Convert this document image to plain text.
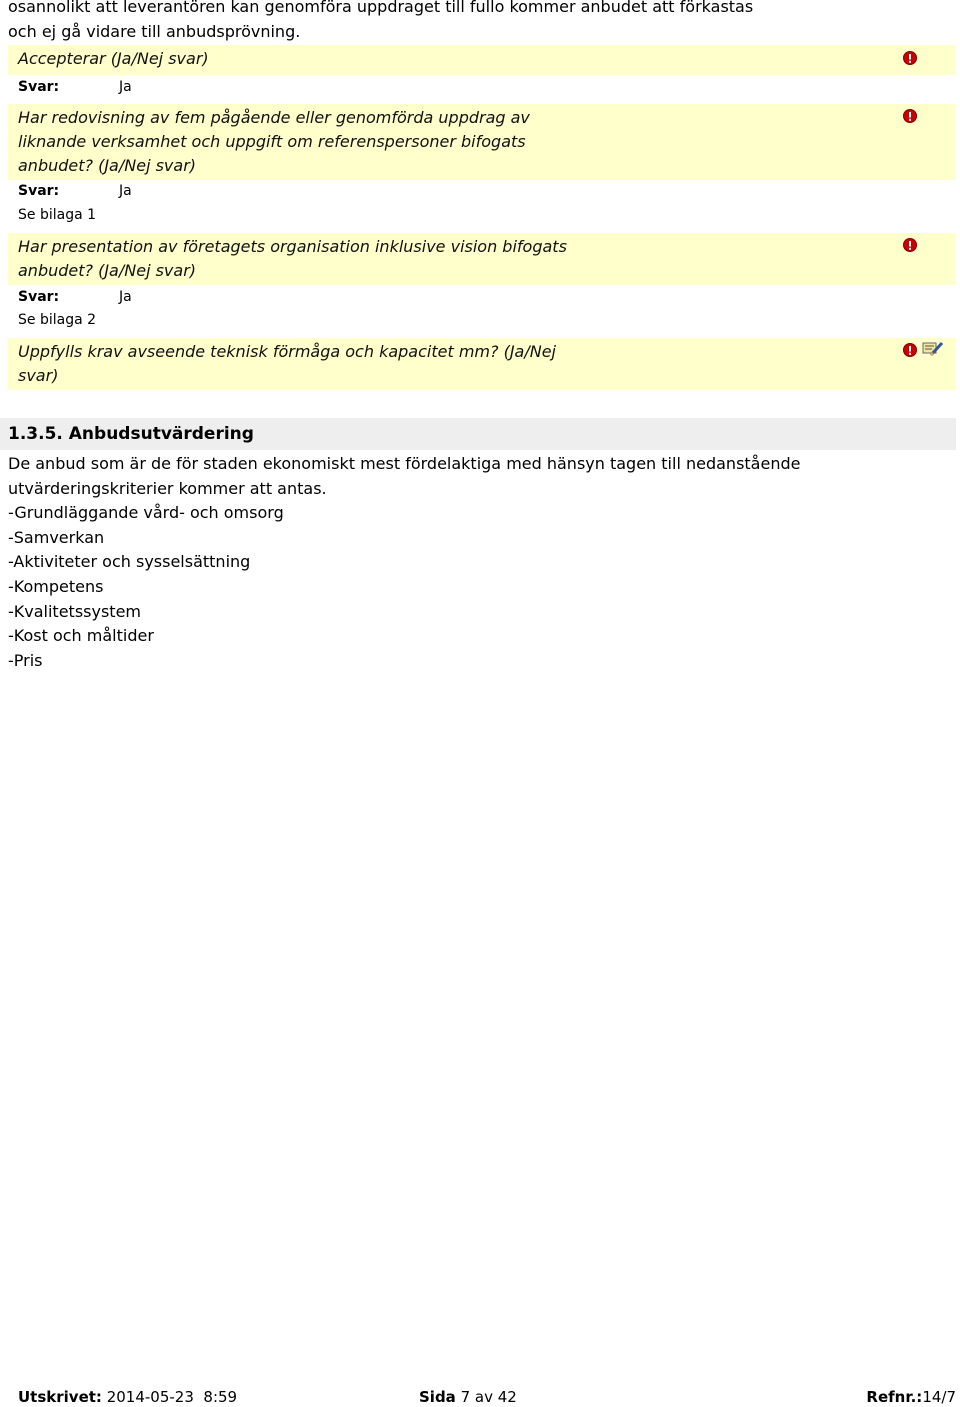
osannolikt att leverantören kan genomföra uppdraget till fullo kommer anbudet att förkastas
och ej gå vidare till anbudsprövning.
Accepterar (Ja/Nej svar)
Svar:	Ja
Har redovisning av fem pågående eller genomförda uppdrag av liknande verksamhet och uppgift om referenspersoner bifogats anbudet? (Ja/Nej svar)
Svar:	Ja
Se bilaga 1
Har presentation av företagets organisation inklusive vision bifogats anbudet? (Ja/Nej svar)
Svar:	Ja
Se bilaga 2
Uppfylls krav avseende teknisk förmåga och kapacitet mm? (Ja/Nej svar)
1.3.5. Anbudsutvärdering
De anbud som är de för staden ekonomiskt mest fördelaktiga med hänsyn tagen till nedanstående utvärderingskriterier kommer att antas.
-Grundläggande vård- och omsorg
-Samverkan
-Aktiviteter och sysselsättning
-Kompetens
-Kvalitetssystem
-Kost och måltider
-Pris
Utskrivet: 2014-05-23  8:59	Sida 7 av 42	Refnr.:14/7
